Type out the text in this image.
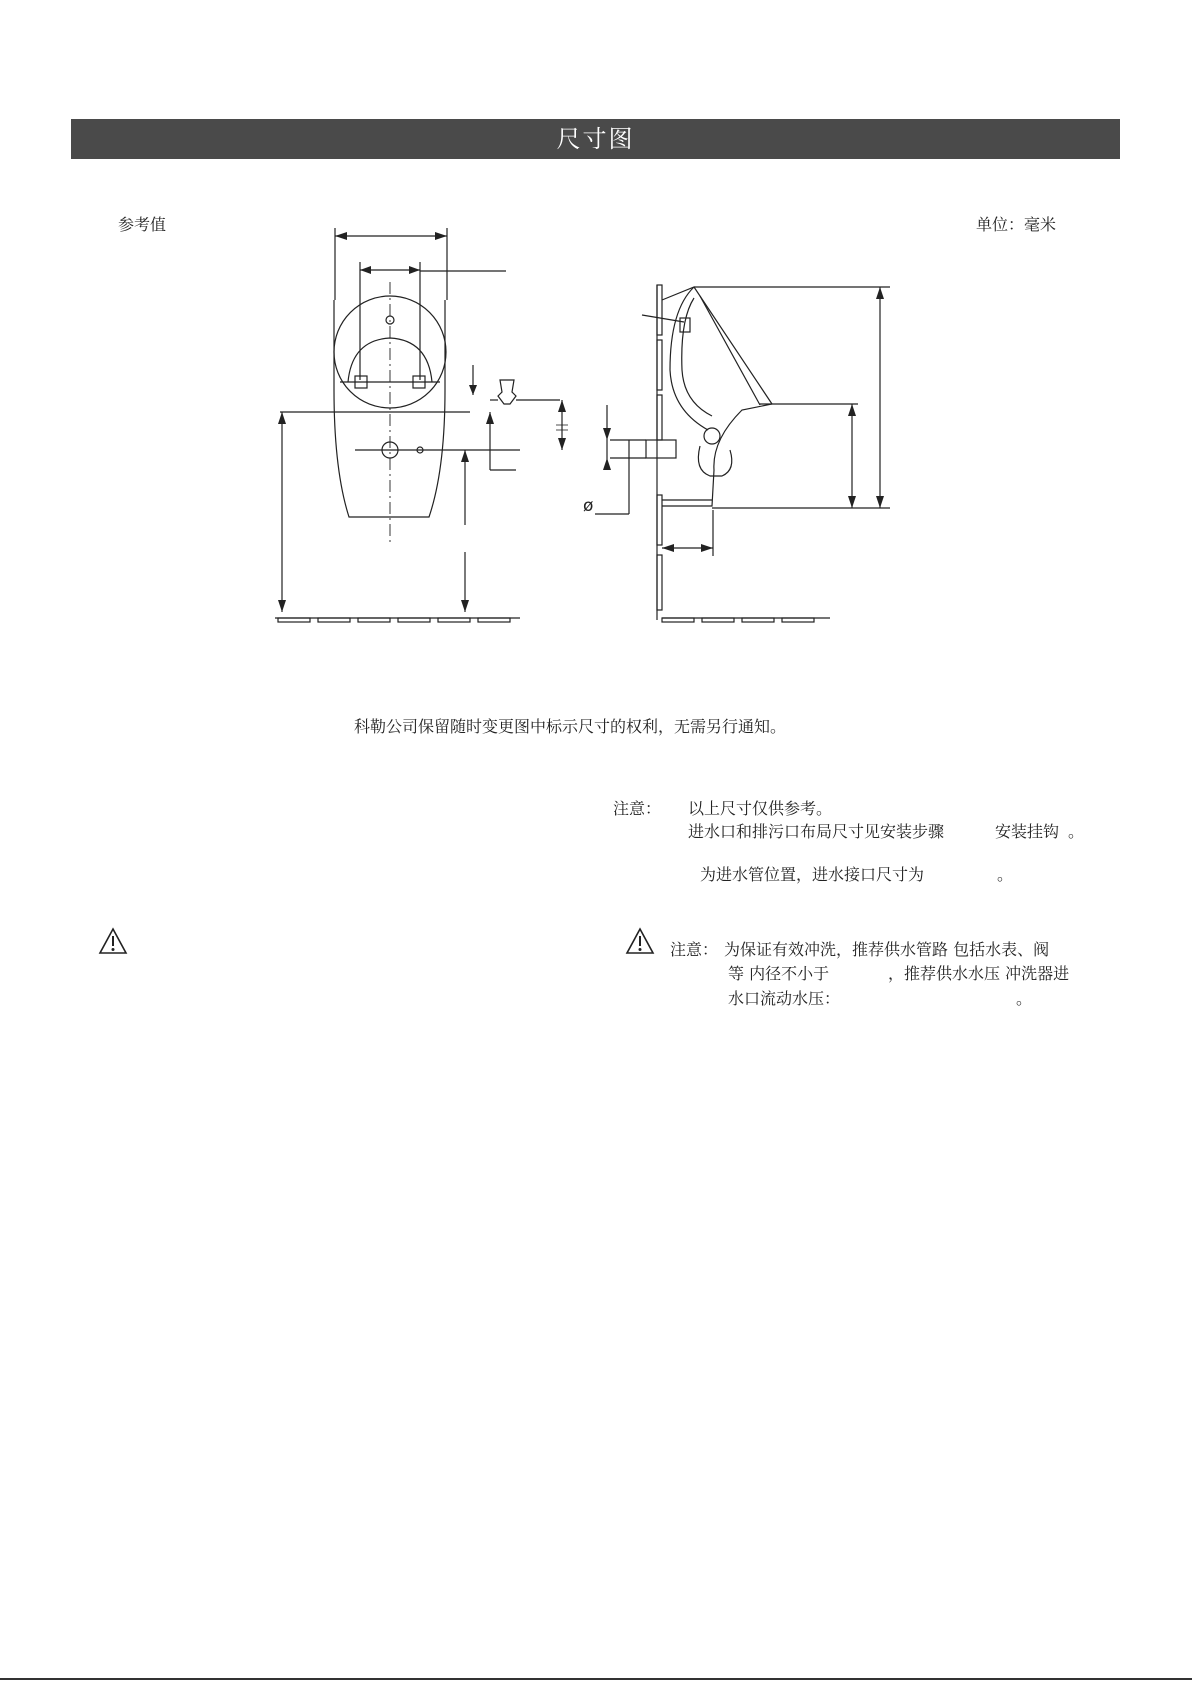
尺寸图
参考值	单位：毫米
ø
科勒公司保留随时变更图中标示尺寸的权利，无需另行通知。
注意： 以上尺寸仅供参考。
进水口和排污口布局尺寸见安装步骤	安装挂钩 。
为进水管位置，进水接口尺寸为	。
注意： 为保证有效冲洗，推荐供水管路 包括水表、阀
等 内径不小于	，推荐供水水压 冲洗器进
水口流动水压：	。
